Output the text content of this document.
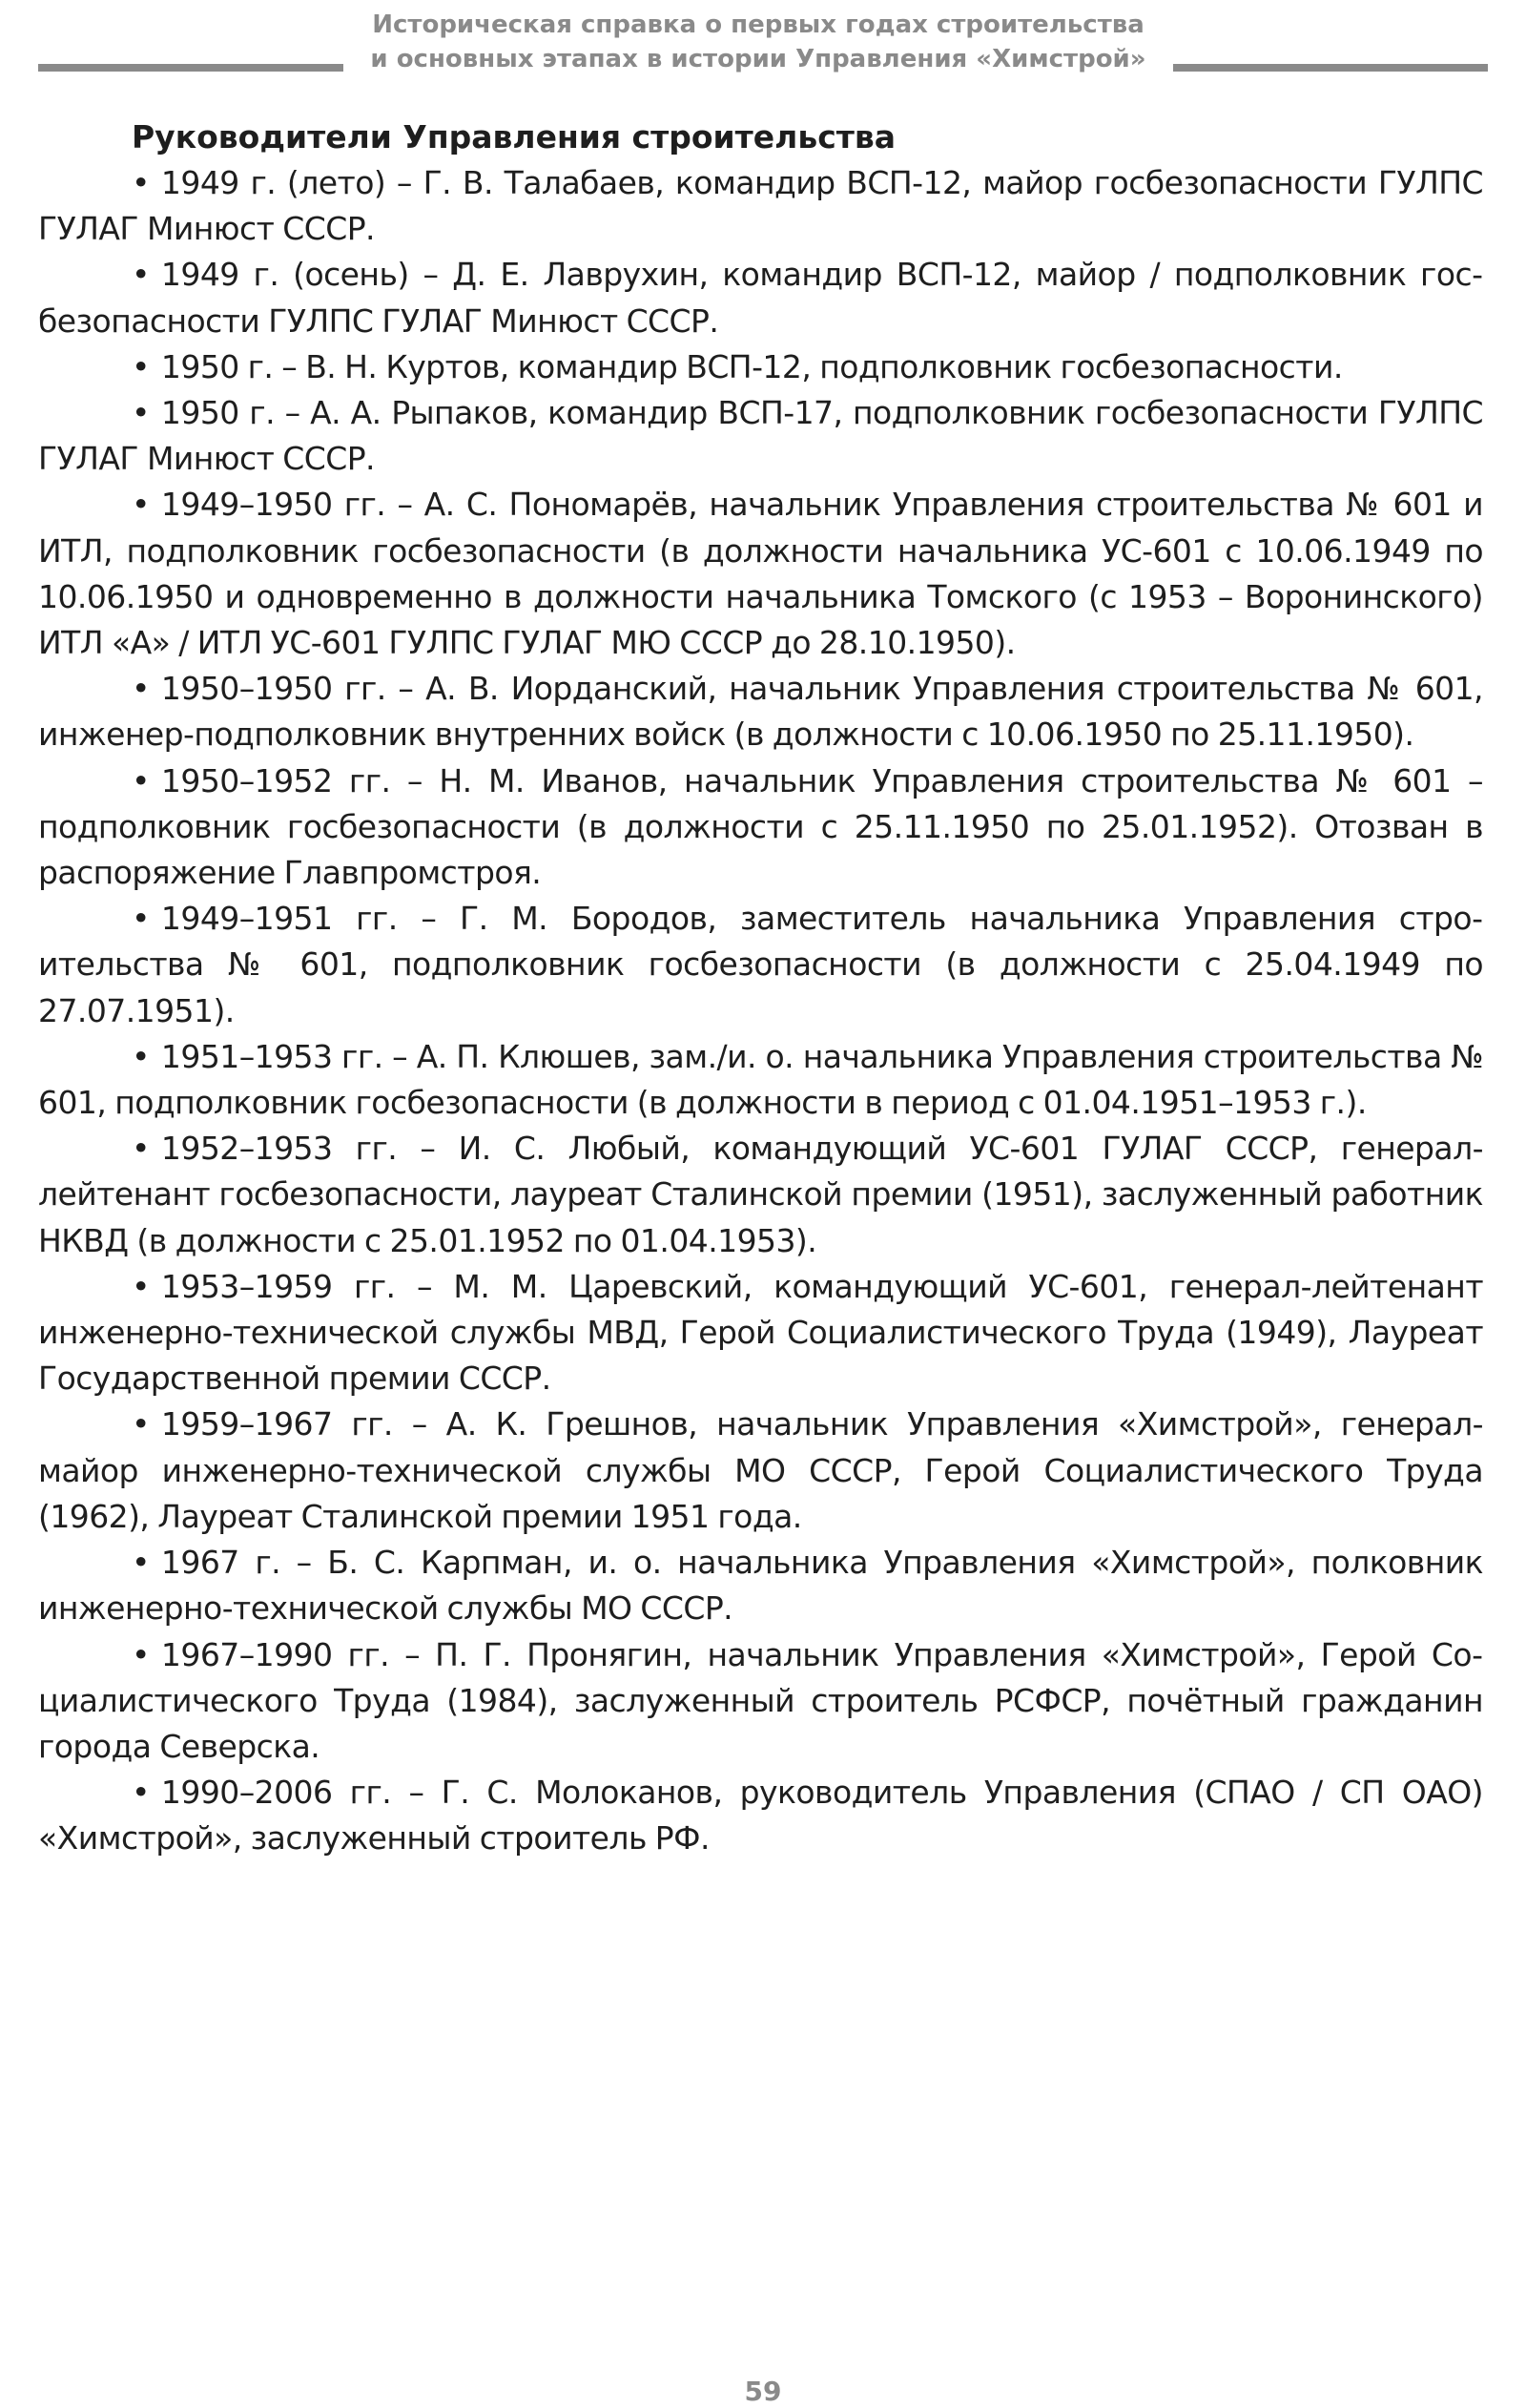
Историческая справка о первых годах строительства
и основных этапах в истории Управления «Химстрой»
Руководители Управления строительства
• 1949 г. (лето) – Г. В. Талабаев, командир ВСП-12, майор госбезопасности ГУЛПС ГУЛАГ Минюст СССР.
• 1949 г. (осень) – Д. Е. Лаврухин, командир ВСП-12, майор / подполковник госбезопасности ГУЛПС ГУЛАГ Минюст СССР.
• 1950 г. – В. Н. Куртов, командир ВСП-12, подполковник госбезопасности.
• 1950 г. – А. А. Рыпаков, командир ВСП-17, подполковник госбезопасности ГУЛПС ГУЛАГ Минюст СССР.
• 1949–1950 гг. – А. С. Пономарёв, начальник Управления строительства № 601 и ИТЛ, подполковник госбезопасности (в должности начальника УС-601 с 10.06.1949 по 10.06.1950 и одновременно в должности начальника Томского (с 1953 – Воронинского) ИТЛ «А» / ИТЛ УС-601 ГУЛПС ГУЛАГ МЮ СССР до 28.10.1950).
• 1950–1950 гг. – А. В. Иорданский, начальник Управления строительства № 601, инженер-подполковник внутренних войск (в должности с 10.06.1950 по 25.11.1950).
• 1950–1952 гг. – Н. М. Иванов, начальник Управления строительства № 601 – подполковник госбезопасности (в должности с 25.11.1950 по 25.01.1952). Отозван в распоряжение Главпромстроя.
• 1949–1951 гг. – Г. М. Бородов, заместитель начальника Управления строительства № 601, подполковник госбезопасности (в должности с 25.04.1949 по 27.07.1951).
• 1951–1953 гг. – А. П. Клюшев, зам./и. о. начальника Управления строительства № 601, подполковник госбезопасности (в должности в период с 01.04.1951–1953 г.).
• 1952–1953 гг. – И. С. Любый, командующий УС-601 ГУЛАГ СССР, генерал-лейтенант госбезопасности, лауреат Сталинской премии (1951), заслуженный работник НКВД (в должности с 25.01.1952 по 01.04.1953).
• 1953–1959 гг. – М. М. Царевский, командующий УС-601, генерал-лейтенант инженерно-технической службы МВД, Герой Социалистического Труда (1949), Лауреат Государственной премии СССР.
• 1959–1967 гг. – А. К. Грешнов, начальник Управления «Химстрой», генерал-майор инженерно-технической службы МО СССР, Герой Социалистического Труда (1962), Лауреат Сталинской премии 1951 года.
• 1967 г. – Б. С. Карпман, и. о. начальника Управления «Химстрой», полковник инженерно-технической службы МО СССР.
• 1967–1990 гг. – П. Г. Пронягин, начальник Управления «Химстрой», Герой Социалистического Труда (1984), заслуженный строитель РСФСР, почётный гражданин города Северска.
• 1990–2006 гг. – Г. С. Молоканов, руководитель Управления (СПАО / СП ОАО) «Химстрой», заслуженный строитель РФ.
59
